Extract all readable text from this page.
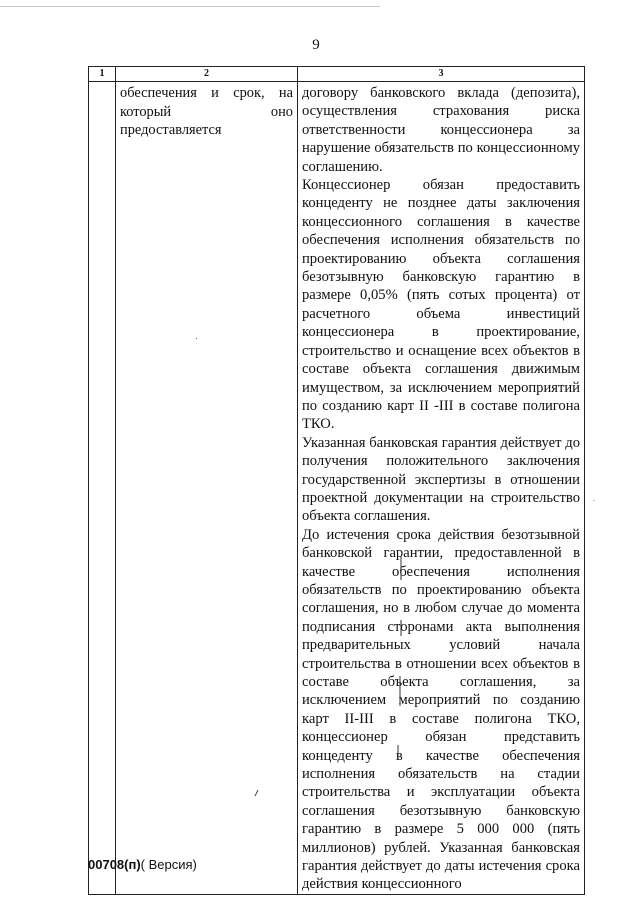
9
1	2	3
	обеспечения и срок, на который оно предоставляется	договору банковского вклада (депозита), осуществления страхования риска ответственности концессионера за нарушение обязательств по концессионному соглашению.

Концессионер обязан предоставить концеденту не позднее даты заключения концессионного соглашения в качестве обеспечения исполнения обязательств по проектированию объекта соглашения безотзывную банковскую гарантию в размере 0,05% (пять сотых процента) от расчетного объема инвестиций концессионера в проектирование, строительство и оснащение всех объектов в составе объекта соглашения движимым имуществом, за исключением мероприятий по созданию карт II -III в составе полигона ТКО.

Указанная банковская гарантия действует до получения положительного заключения государственной экспертизы в отношении проектной документации на строительство объекта соглашения.

До истечения срока действия безотзывной банковской гарантии, предоставленной в качестве обеспечения исполнения обязательств по проектированию объекта соглашения, но в любом случае до момента подписания сторонами акта выполнения предварительных условий начала строительства в отношении всех объектов в составе объекта соглашения, за исключением мероприятий по созданию карт II-III в составе полигона ТКО, концессионер обязан представить концеденту в качестве обеспечения исполнения обязательств на стадии строительства и эксплуатации объекта соглашения безотзывную банковскую гарантию в размере 5 000 000 (пять миллионов) рублей. Указанная банковская гарантия действует до даты истечения срока действия концессионного

00708(п)( Версия)
